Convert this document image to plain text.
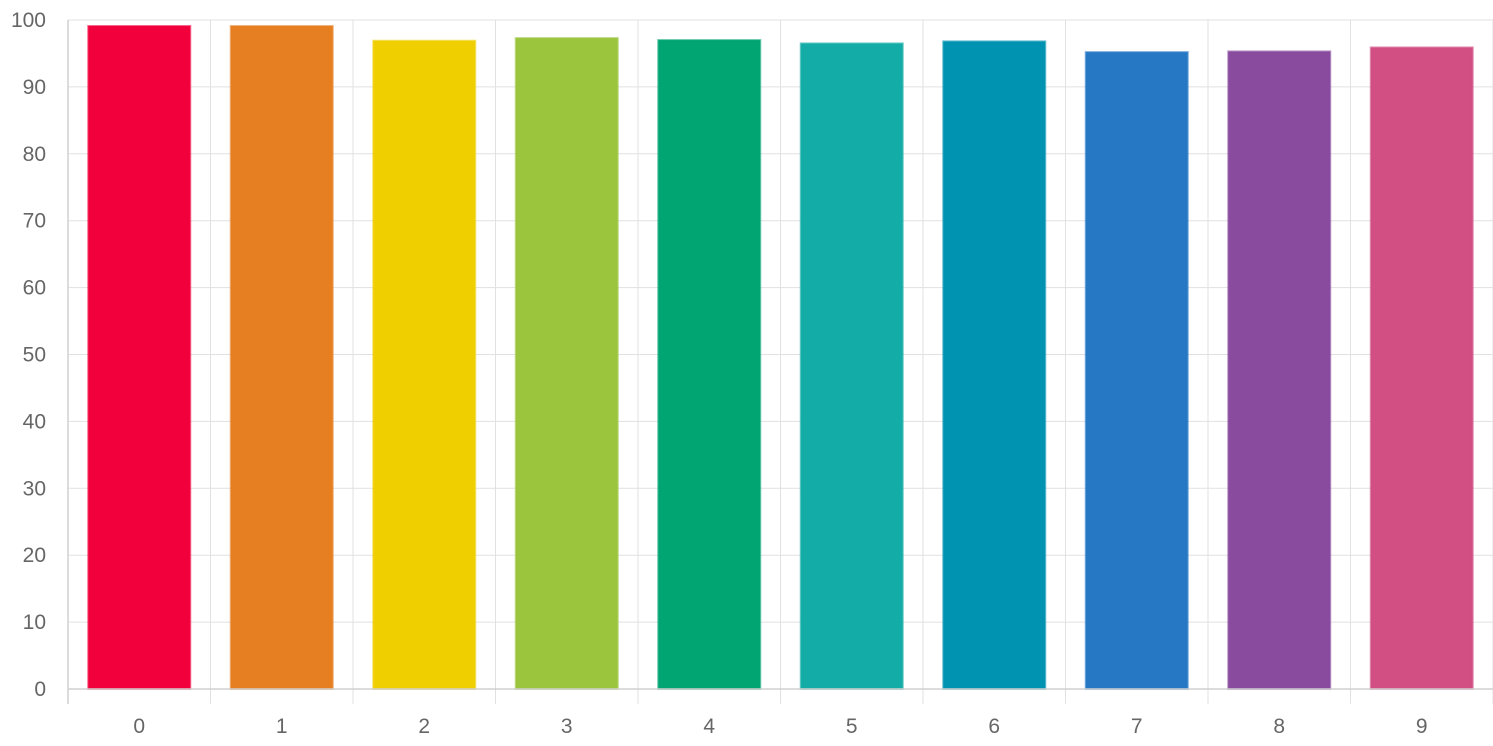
0
10
20
30
40
50
60
70
80
90
100
0	1	2	3	4	5	6	7	8	9
